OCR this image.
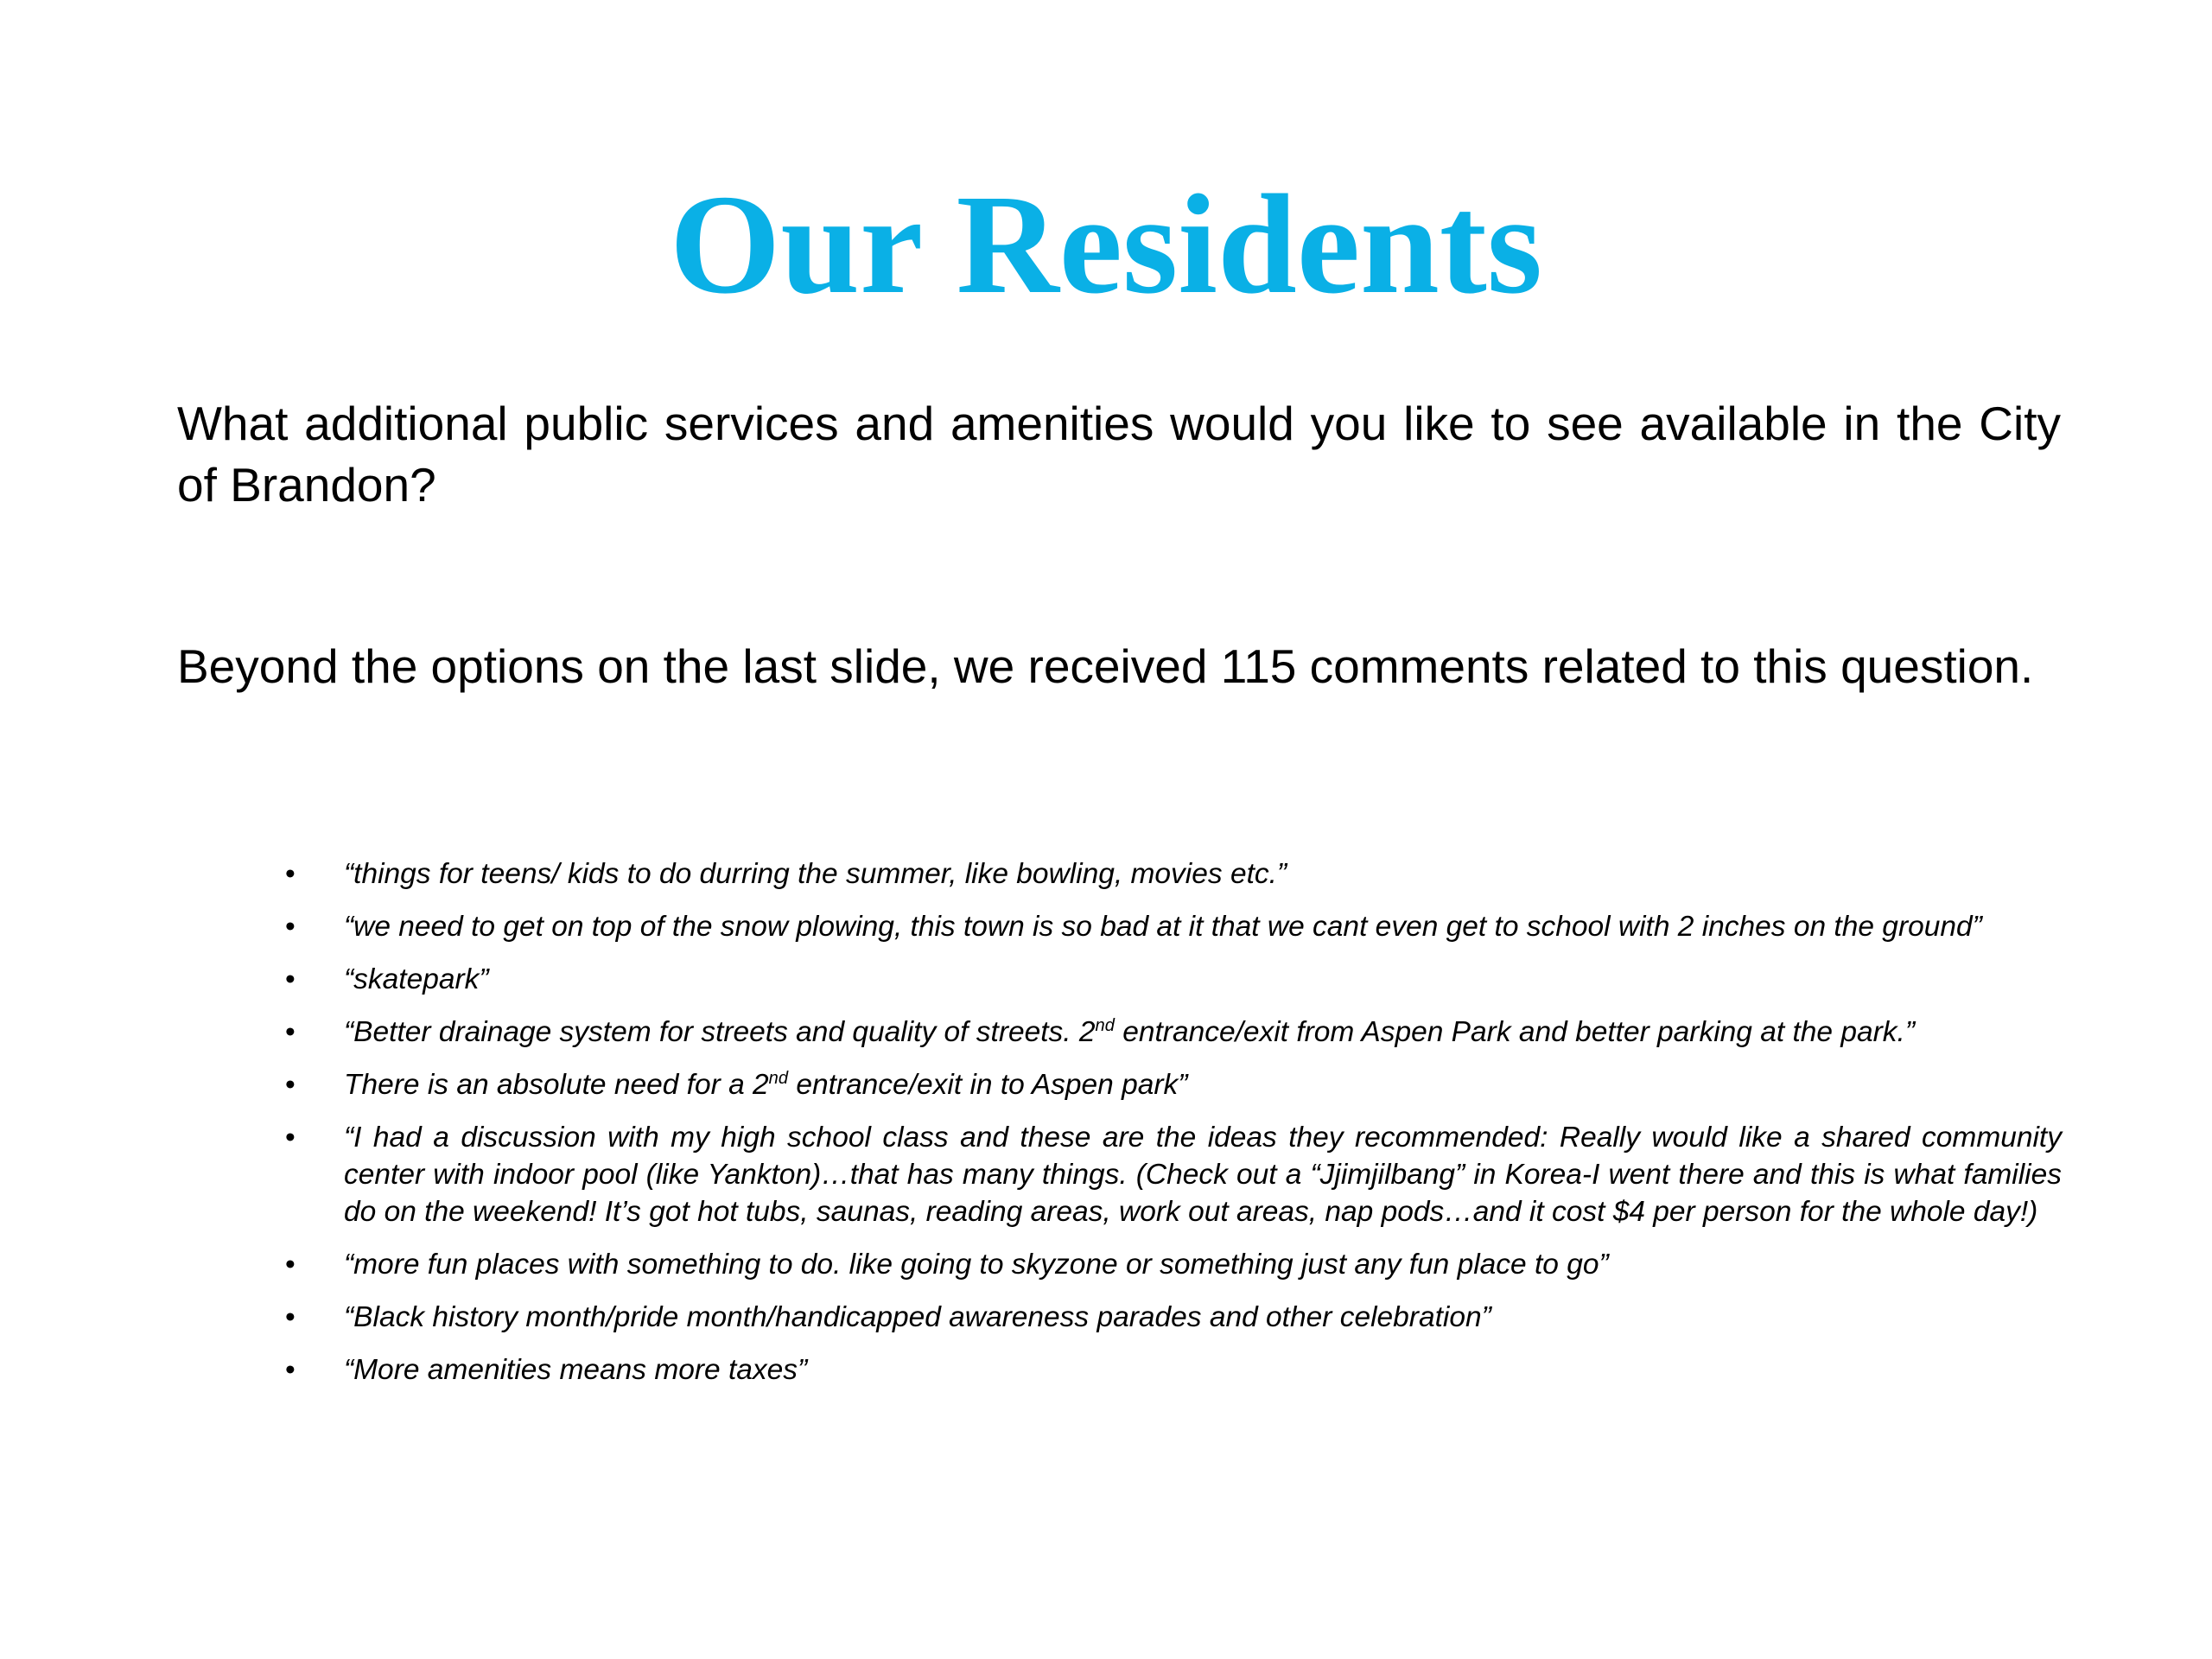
Our Residents

What additional public services and amenities would you like to see available in the City of Brandon?

Beyond the options on the last slide, we received 115 comments related to this question.

• “things for teens/ kids to do durring the summer, like bowling, movies etc.”
• “we need to get on top of the snow plowing, this town is so bad at it that we cant even get to school with 2 inches on the ground”
• “skatepark”
• “Better drainage system for streets and quality of streets. 2nd entrance/exit from Aspen Park and better parking at the park.”
• There is an absolute need for a 2nd entrance/exit in to Aspen park”
• “I had a discussion with my high school class and these are the ideas they recommended: Really would like a shared community center with indoor pool (like Yankton)…that has many things. (Check out a “Jjimjilbang” in Korea-I went there and this is what families do on the weekend! It’s got hot tubs, saunas, reading areas, work out areas, nap pods…and it cost $4 per person for the whole day!)
• “more fun places with something to do. like going to skyzone or something just any fun place to go”
• “Black history month/pride month/handicapped awareness parades and other celebration”
• “More amenities means more taxes”
